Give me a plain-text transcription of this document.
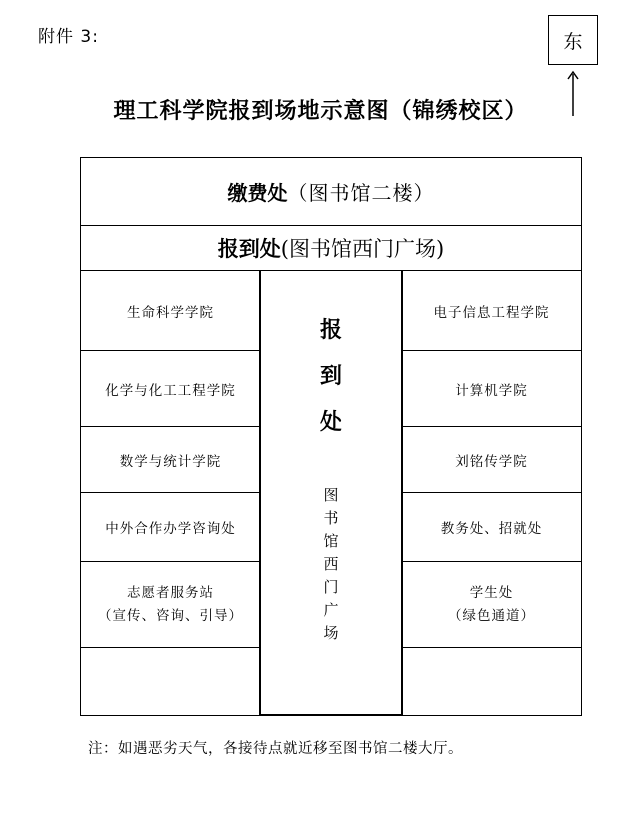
附件 3:	东
理工科学院报到场地示意图（锦绣校区）
缴费处 （图书馆二楼）
报到处 (图书馆西门广场)
生命科学学院
化学与化工工程学院
数学与统计学院
中外合作办学咨询处
志愿者服务站
（宣传、咨询、引导）
电子信息工程学院
计算机学院
刘铭传学院
教务处、招就处
学生处
（绿色通道）
报
到
处
图
书
馆
西
门
广
场
注：如遇恶劣天气，各接待点就近移至图书馆二楼大厅。
